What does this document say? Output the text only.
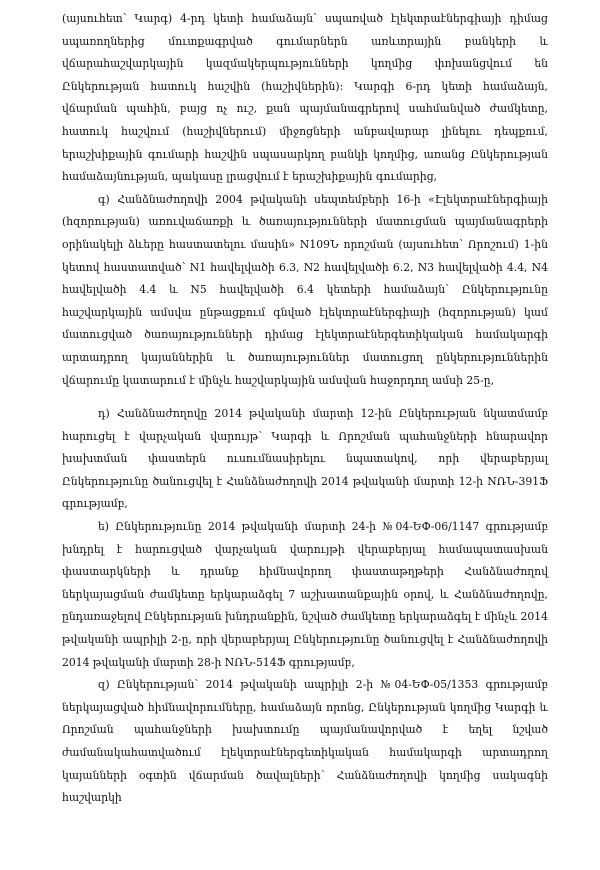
(այսուհետ՝ Կարգ) 4-րդ կետի համաձայն՝ սպառված էլեկտրաէներգիայի դիմաց սպառողներից մուտքագրված գումարներն առևտրային բանկերի և վճարահաշվարկային կազմակերպությունների կողմից փոխանցվում են Ընկերության հատուկ հաշվին (հաշիվներին): Կարգի 6-րդ կետի համաձայն, վճարման պահին, բայց ոչ ուշ, քան պայմանագրերով սահմանված ժամկետը, հատուկ հաշվում (հաշիվներում) միջոցների անբավարար լինելու դեպքում, երաշխիքային գումարի հաշվին սպասարկող բանկի կողմից, առանց Ընկերության համաձայնության, պակասը լրացվում է երաշխիքային գումարից,

գ) Հանձնաժողովի 2004 թվականի սեպտեմբերի 16-ի «Էլեկտրաէներգիայի (հզորության) առուվաճառքի և ծառայությունների մատուցման պայմանագրերի օրինակելի ձևերը հաստատելու մասին» N109Ն որոշման (այսուհետ՝ Որոշում) 1-ին կետով հաստատված՝ N1 հավելվածի 6.3, N2 հավելվածի 6.2, N3 հավելվածի 4.4, N4 հավելվածի 4.4 և N5 հավելվածի 6.4 կետերի համաձայն՝ Ընկերությունը հաշվարկային ամսվա ընթացքում գնված էլեկտրաէներգիայի (հզորության) կամ մատուցված ծառայությունների դիմաց էլեկտրաէներգետիկական համակարգի արտադրող կայաններին և ծառայություններ մատուցող ընկերություններին վճարումը կատարում է մինչև հաշվարկային ամսվան հաջորդող ամսի 25-ը,

դ) Հանձնաժողովը 2014 թվականի մարտի 12-ին Ընկերության նկատմամբ հարուցել է վարչական վարույթ՝ Կարգի և Որոշման պահանջների հնարավոր խախտման փաստերն ուսումնասիրելու նպատակով, որի վերաբերյալ Ընկերությունը ծանուցվել է Հանձնաժողովի 2014 թվականի մարտի 12-ի NՌՆ-391Ֆ գրությամբ,

ե) Ընկերությունը 2014 թվականի մարտի 24-ի №04-ԵՓ-06/1147 գրությամբ խնդրել է հարուցված վարչական վարույթի վերաբերյալ համապատասխան փաստարկների և դրանք հիմնավորող փաստաթղթերի Հանձնաժողով ներկայացման ժամկետը երկարաձգել 7 աշխատանքային օրով, և Հանձնաժողովը, ընդառաջելով Ընկերության խնդրանքին, նշված ժամկետը երկարաձգել է մինչև 2014 թվականի ապրիլի 2-ը, որի վերաբերյալ Ընկերությունը ծանուցվել է Հանձնաժողովի 2014 թվականի մարտի 28-ի NՌՆ-514Ֆ գրությամբ,

զ) Ընկերության՝ 2014 թվականի ապրիլի 2-ի №04-ԵՓ-05/1353 գրությամբ ներկայացված հիմնավորումները, համաձայն որոնց, Ընկերության կողմից Կարգի և Որոշման պահանջների խախտումը պայմանավորված է եղել նշված ժամանակահատվածում էլեկտրաէներգետիկական համակարգի արտադրող կայանների օգտին վճարման ծավալների՝ Հանձնաժողովի կողմից սակագնի հաշվարկի
